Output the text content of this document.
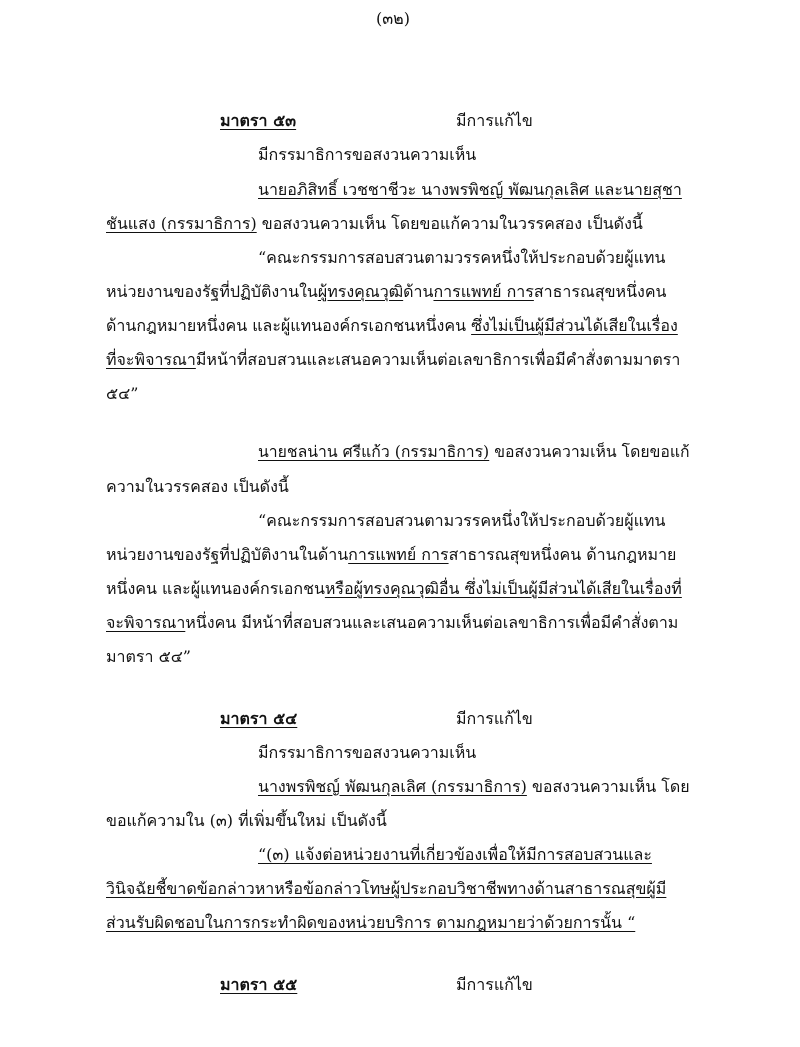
(๓๒)
มาตรา ๕๓	มีการแก้ไข
มีกรรมาธิการขอสงวนความเห็น
นายอภิสิทธิ์ เวชชาชีวะ นางพรพิชญ์ พัฒนกุลเลิศ และนายสุชา
ชันแสง (กรรมาธิการ) ขอสงวนความเห็น โดยขอแก้ความในวรรคสอง เป็นดังนี้
“คณะกรรมการสอบสวนตามวรรคหนึ่งให้ประกอบด้วยผู้แทน
หน่วยงานของรัฐที่ปฏิบัติงานในผู้ทรงคุณวุฒิด้านการแพทย์ การสาธารณสุขหนึ่งคน
ด้านกฎหมายหนึ่งคน และผู้แทนองค์กรเอกชนหนึ่งคน ซึ่งไม่เป็นผู้มีส่วนได้เสียในเรื่อง
ที่จะพิจารณามีหน้าที่สอบสวนและเสนอความเห็นต่อเลขาธิการเพื่อมีคำสั่งตามมาตรา
๕๔”
นายชลน่าน ศรีแก้ว (กรรมาธิการ) ขอสงวนความเห็น โดยขอแก้
ความในวรรคสอง เป็นดังนี้
“คณะกรรมการสอบสวนตามวรรคหนึ่งให้ประกอบด้วยผู้แทน
หน่วยงานของรัฐที่ปฏิบัติงานในด้านการแพทย์ การสาธารณสุขหนึ่งคน ด้านกฎหมาย
หนึ่งคน และผู้แทนองค์กรเอกชนหรือผู้ทรงคุณวุฒิอื่น ซึ่งไม่เป็นผู้มีส่วนได้เสียในเรื่องที่
จะพิจารณาหนึ่งคน มีหน้าที่สอบสวนและเสนอความเห็นต่อเลขาธิการเพื่อมีคำสั่งตาม
มาตรา ๕๔”
มาตรา ๕๔	มีการแก้ไข
มีกรรมาธิการขอสงวนความเห็น
นางพรพิชญ์ พัฒนกุลเลิศ (กรรมาธิการ) ขอสงวนความเห็น โดย
ขอแก้ความใน (๓) ที่เพิ่มขึ้นใหม่ เป็นดังนี้
“(๓) แจ้งต่อหน่วยงานที่เกี่ยวข้องเพื่อให้มีการสอบสวนและ
วินิจฉัยชี้ขาดข้อกล่าวหาหรือข้อกล่าวโทษผู้ประกอบวิชาชีพทางด้านสาธารณสุขผู้มี
ส่วนรับผิดชอบในการกระทำผิดของหน่วยบริการ ตามกฎหมายว่าด้วยการนั้น “
มาตรา ๕๕	มีการแก้ไข
